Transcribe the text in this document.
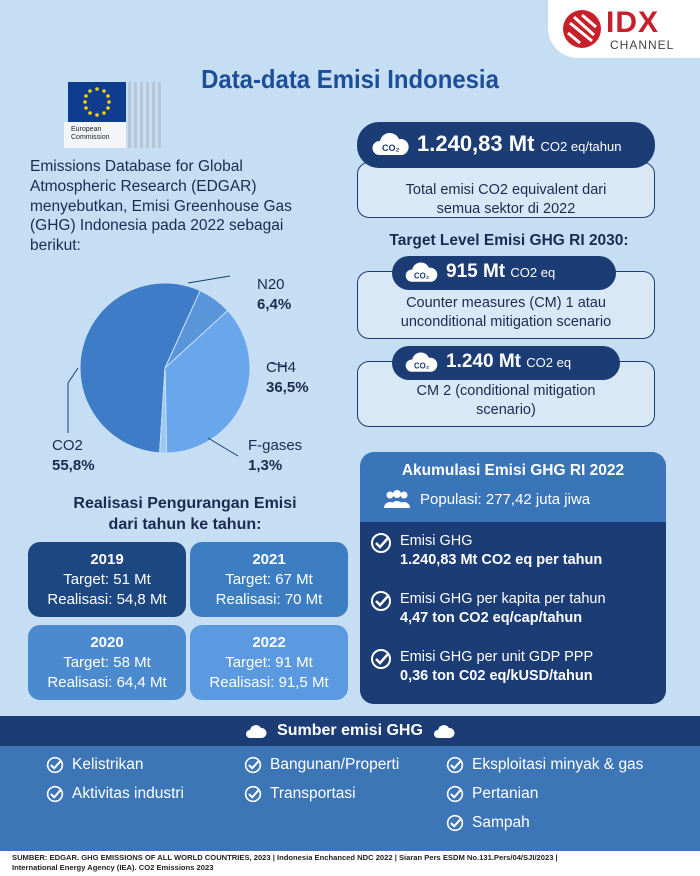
IDX
CHANNEL
Data-data Emisi Indonesia
European Commission
Emissions Database for Global Atmospheric Research (EDGAR) menyebutkan, Emisi Greenhouse Gas (GHG) Indonesia pada 2022 sebagai berikut:
N20
6,4%
CH4
36,5%
F-gases
1,3%
CO2
55,8%
Realisasi Pengurangan Emisi
dari tahun ke tahun:
2019
Target: 51 Mt
Realisasi: 54,8 Mt
2021
Target: 67 Mt
Realisasi: 70 Mt
2020
Target: 58 Mt
Realisasi: 64,4 Mt
2022
Target: 91 Mt
Realisasi: 91,5 Mt
Total emisi CO2 equivalent dari
semua sektor di 2022
CO₂ 1.240,83 Mt CO2 eq/tahun
Target Level Emisi GHG RI 2030:
Counter measures (CM) 1 atau
unconditional mitigation scenario
CO₂ 915 Mt CO2 eq
CM 2 (conditional mitigation
scenario)
CO₂ 1.240 Mt CO2 eq
Akumulasi Emisi GHG RI 2022
Populasi: 277,42 juta jiwa
Emisi GHG
1.240,83 Mt CO2 eq per tahun
Emisi GHG per kapita per tahun
4,47 ton CO2 eq/cap/tahun
Emisi GHG per unit GDP PPP
0,36 ton C02 eq/kUSD/tahun
Sumber emisi GHG
Kelistrikan	Bangunan/Properti	Eksploitasi minyak & gas
Aktivitas industri	Transportasi	Pertanian
Sampah
SUMBER: EDGAR. GHG EMISSIONS OF ALL WORLD COUNTRIES, 2023 | Indonesia Enchanced NDC 2022 | Siaran Pers ESDM No.131.Pers/04/SJI/2023 |
International Energy Agency (IEA). CO2 Emissions 2023
